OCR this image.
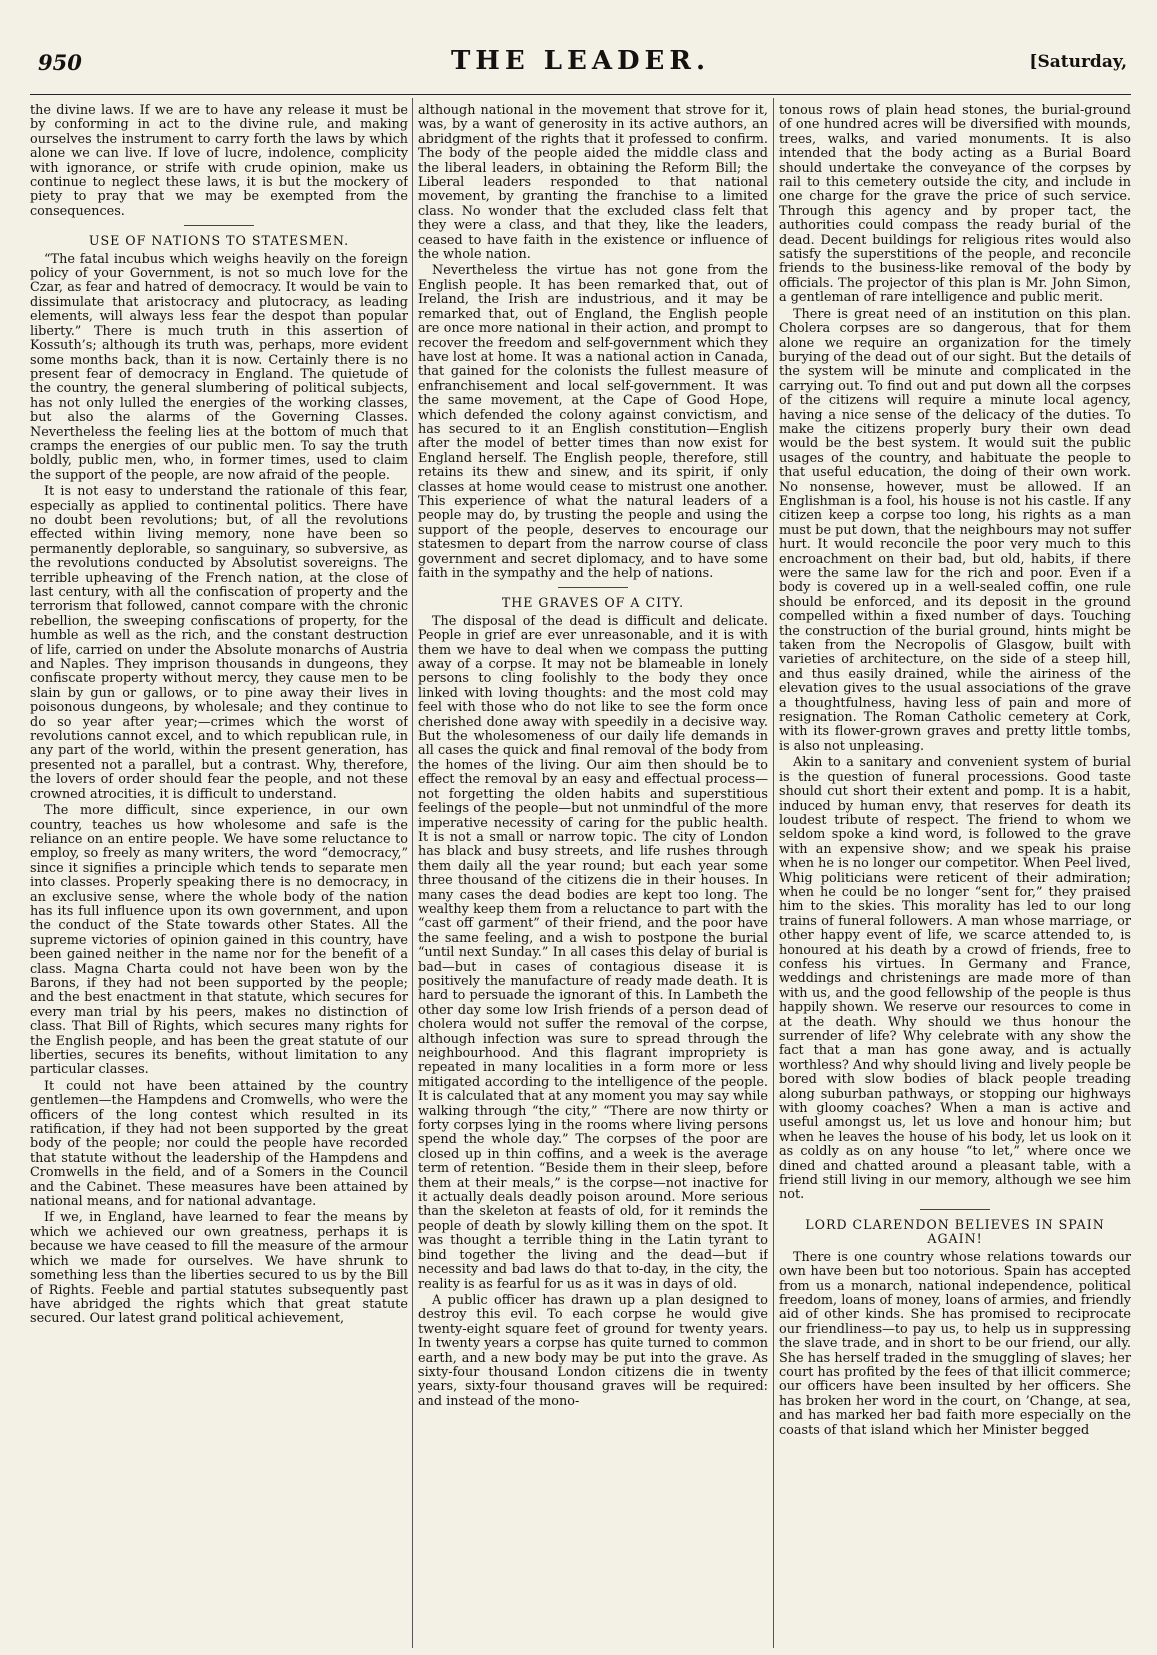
950	THE LEADER.	[Saturday,

the divine laws. If we are to have any release it must be by conforming in act to the divine rule, and making ourselves the instrument to carry forth the laws by which alone we can live. If love of lucre, indolence, complicity with ignorance, or strife with crude opinion, make us continue to neglect these laws, it is but the mockery of piety to pray that we may be exempted from the consequences.

USE OF NATIONS TO STATESMEN.

“The fatal incubus which weighs heavily on the foreign policy of your Government, is not so much love for the Czar, as fear and hatred of democracy. It would be vain to dissimulate that aristocracy and plutocracy, as leading elements, will always less fear the despot than popular liberty.” There is much truth in this assertion of Kossuth’s; although its truth was, perhaps, more evident some months back, than it is now. Certainly there is no present fear of democracy in England. The quietude of the country, the general slumbering of political subjects, has not only lulled the energies of the working classes, but also the alarms of the Governing Classes. Nevertheless the feeling lies at the bottom of much that cramps the energies of our public men. To say the truth boldly, public men, who, in former times, used to claim the support of the people, are now afraid of the people.

It is not easy to understand the rationale of this fear, especially as applied to continental politics. There have no doubt been revolutions; but, of all the revolutions effected within living memory, none have been so permanently deplorable, so sanguinary, so subversive, as the revolutions conducted by Absolutist sovereigns. The terrible upheaving of the French nation, at the close of last century, with all the confiscation of property and the terrorism that followed, cannot compare with the chronic rebellion, the sweeping confiscations of property, for the humble as well as the rich, and the constant destruction of life, carried on under the Absolute monarchs of Austria and Naples. They imprison thousands in dungeons, they confiscate property without mercy, they cause men to be slain by gun or gallows, or to pine away their lives in poisonous dungeons, by wholesale; and they continue to do so year after year;—crimes which the worst of revolutions cannot excel, and to which republican rule, in any part of the world, within the present generation, has presented not a parallel, but a contrast. Why, therefore, the lovers of order should fear the people, and not these crowned atrocities, it is difficult to understand.

The more difficult, since experience, in our own country, teaches us how wholesome and safe is the reliance on an entire people. We have some reluctance to employ, so freely as many writers, the word “democracy,” since it signifies a principle which tends to separate men into classes. Properly speaking there is no democracy, in an exclusive sense, where the whole body of the nation has its full influence upon its own government, and upon the conduct of the State towards other States. All the supreme victories of opinion gained in this country, have been gained neither in the name nor for the benefit of a class. Magna Charta could not have been won by the Barons, if they had not been supported by the people; and the best enactment in that statute, which secures for every man trial by his peers, makes no distinction of class. That Bill of Rights, which secures many rights for the English people, and has been the great statute of our liberties, secures its benefits, without limitation to any particular classes.

It could not have been attained by the country gentlemen—the Hampdens and Cromwells, who were the officers of the long contest which resulted in its ratification, if they had not been supported by the great body of the people; nor could the people have recorded that statute without the leadership of the Hampdens and Cromwells in the field, and of a Somers in the Council and the Cabinet. These measures have been attained by national means, and for national advantage.

If we, in England, have learned to fear the means by which we achieved our own greatness, perhaps it is because we have ceased to fill the measure of the armour which we made for ourselves. We have shrunk to something less than the liberties secured to us by the Bill of Rights. Feeble and partial statutes subsequently past have abridged the rights which that great statute secured. Our latest grand political achievement,

although national in the movement that strove for it, was, by a want of generosity in its active authors, an abridgment of the rights that it professed to confirm. The body of the people aided the middle class and the liberal leaders, in obtaining the Reform Bill; the Liberal leaders responded to that national movement, by granting the franchise to a limited class. No wonder that the excluded class felt that they were a class, and that they, like the leaders, ceased to have faith in the existence or influence of the whole nation.

Nevertheless the virtue has not gone from the English people. It has been remarked that, out of Ireland, the Irish are industrious, and it may be remarked that, out of England, the English people are once more national in their action, and prompt to recover the freedom and self-government which they have lost at home. It was a national action in Canada, that gained for the colonists the fullest measure of enfranchisement and local self-government. It was the same movement, at the Cape of Good Hope, which defended the colony against convictism, and has secured to it an English constitution—English after the model of better times than now exist for England herself. The English people, therefore, still retains its thew and sinew, and its spirit, if only classes at home would cease to mistrust one another. This experience of what the natural leaders of a people may do, by trusting the people and using the support of the people, deserves to encourage our statesmen to depart from the narrow course of class government and secret diplomacy, and to have some faith in the sympathy and the help of nations.

THE GRAVES OF A CITY.

The disposal of the dead is difficult and delicate. People in grief are ever unreasonable, and it is with them we have to deal when we compass the putting away of a corpse. It may not be blameable in lonely persons to cling foolishly to the body they once linked with loving thoughts: and the most cold may feel with those who do not like to see the form once cherished done away with speedily in a decisive way. But the wholesomeness of our daily life demands in all cases the quick and final removal of the body from the homes of the living. Our aim then should be to effect the removal by an easy and effectual process—not forgetting the olden habits and superstitious feelings of the people—but not unmindful of the more imperative necessity of caring for the public health. It is not a small or narrow topic. The city of London has black and busy streets, and life rushes through them daily all the year round; but each year some three thousand of the citizens die in their houses. In many cases the dead bodies are kept too long. The wealthy keep them from a reluctance to part with the “cast off garment” of their friend, and the poor have the same feeling, and a wish to postpone the burial “until next Sunday.” In all cases this delay of burial is bad—but in cases of contagious disease it is positively the manufacture of ready made death. It is hard to persuade the ignorant of this. In Lambeth the other day some low Irish friends of a person dead of cholera would not suffer the removal of the corpse, although infection was sure to spread through the neighbourhood. And this flagrant impropriety is repeated in many localities in a form more or less mitigated according to the intelligence of the people. It is calculated that at any moment you may say while walking through “the city,” “There are now thirty or forty corpses lying in the rooms where living persons spend the whole day.” The corpses of the poor are closed up in thin coffins, and a week is the average term of retention. “Beside them in their sleep, before them at their meals,” is the corpse—not inactive for it actually deals deadly poison around. More serious than the skeleton at feasts of old, for it reminds the people of death by slowly killing them on the spot. It was thought a terrible thing in the Latin tyrant to bind together the living and the dead—but if necessity and bad laws do that to-day, in the city, the reality is as fearful for us as it was in days of old.

A public officer has drawn up a plan designed to destroy this evil. To each corpse he would give twenty-eight square feet of ground for twenty years. In twenty years a corpse has quite turned to common earth, and a new body may be put into the grave. As sixty-four thousand London citizens die in twenty years, sixty-four thousand graves will be required: and instead of the mono-

tonous rows of plain head stones, the burial-ground of one hundred acres will be diversified with mounds, trees, walks, and varied monuments. It is also intended that the body acting as a Burial Board should undertake the conveyance of the corpses by rail to this cemetery outside the city, and include in one charge for the grave the price of such service. Through this agency and by proper tact, the authorities could compass the ready burial of the dead. Decent buildings for religious rites would also satisfy the superstitions of the people, and reconcile friends to the business-like removal of the body by officials. The projector of this plan is Mr. John Simon, a gentleman of rare intelligence and public merit.

There is great need of an institution on this plan. Cholera corpses are so dangerous, that for them alone we require an organization for the timely burying of the dead out of our sight. But the details of the system will be minute and complicated in the carrying out. To find out and put down all the corpses of the citizens will require a minute local agency, having a nice sense of the delicacy of the duties. To make the citizens properly bury their own dead would be the best system. It would suit the public usages of the country, and habituate the people to that useful education, the doing of their own work. No nonsense, however, must be allowed. If an Englishman is a fool, his house is not his castle. If any citizen keep a corpse too long, his rights as a man must be put down, that the neighbours may not suffer hurt. It would reconcile the poor very much to this encroachment on their bad, but old, habits, if there were the same law for the rich and poor. Even if a body is covered up in a well-sealed coffin, one rule should be enforced, and its deposit in the ground compelled within a fixed number of days. Touching the construction of the burial ground, hints might be taken from the Necropolis of Glasgow, built with varieties of architecture, on the side of a steep hill, and thus easily drained, while the airiness of the elevation gives to the usual associations of the grave a thoughtfulness, having less of pain and more of resignation. The Roman Catholic cemetery at Cork, with its flower-grown graves and pretty little tombs, is also not unpleasing.

Akin to a sanitary and convenient system of burial is the question of funeral processions. Good taste should cut short their extent and pomp. It is a habit, induced by human envy, that reserves for death its loudest tribute of respect. The friend to whom we seldom spoke a kind word, is followed to the grave with an expensive show; and we speak his praise when he is no longer our competitor. When Peel lived, Whig politicians were reticent of their admiration; when he could be no longer “sent for,” they praised him to the skies. This morality has led to our long trains of funeral followers. A man whose marriage, or other happy event of life, we scarce attended to, is honoured at his death by a crowd of friends, free to confess his virtues. In Germany and France, weddings and christenings are made more of than with us, and the good fellowship of the people is thus happily shown. We reserve our resources to come in at the death. Why should we thus honour the surrender of life? Why celebrate with any show the fact that a man has gone away, and is actually worthless? And why should living and lively people be bored with slow bodies of black people treading along suburban pathways, or stopping our highways with gloomy coaches? When a man is active and useful amongst us, let us love and honour him; but when he leaves the house of his body, let us look on it as coldly as on any house “to let,” where once we dined and chatted around a pleasant table, with a friend still living in our memory, although we see him not.

LORD CLARENDON BELIEVES IN SPAIN AGAIN!

There is one country whose relations towards our own have been but too notorious. Spain has accepted from us a monarch, national independence, political freedom, loans of money, loans of armies, and friendly aid of other kinds. She has promised to reciprocate our friendliness—to pay us, to help us in suppressing the slave trade, and in short to be our friend, our ally. She has herself traded in the smuggling of slaves; her court has profited by the fees of that illicit commerce; our officers have been insulted by her officers. She has broken her word in the court, on ’Change, at sea, and has marked her bad faith more especially on the coasts of that island which her Minister begged
